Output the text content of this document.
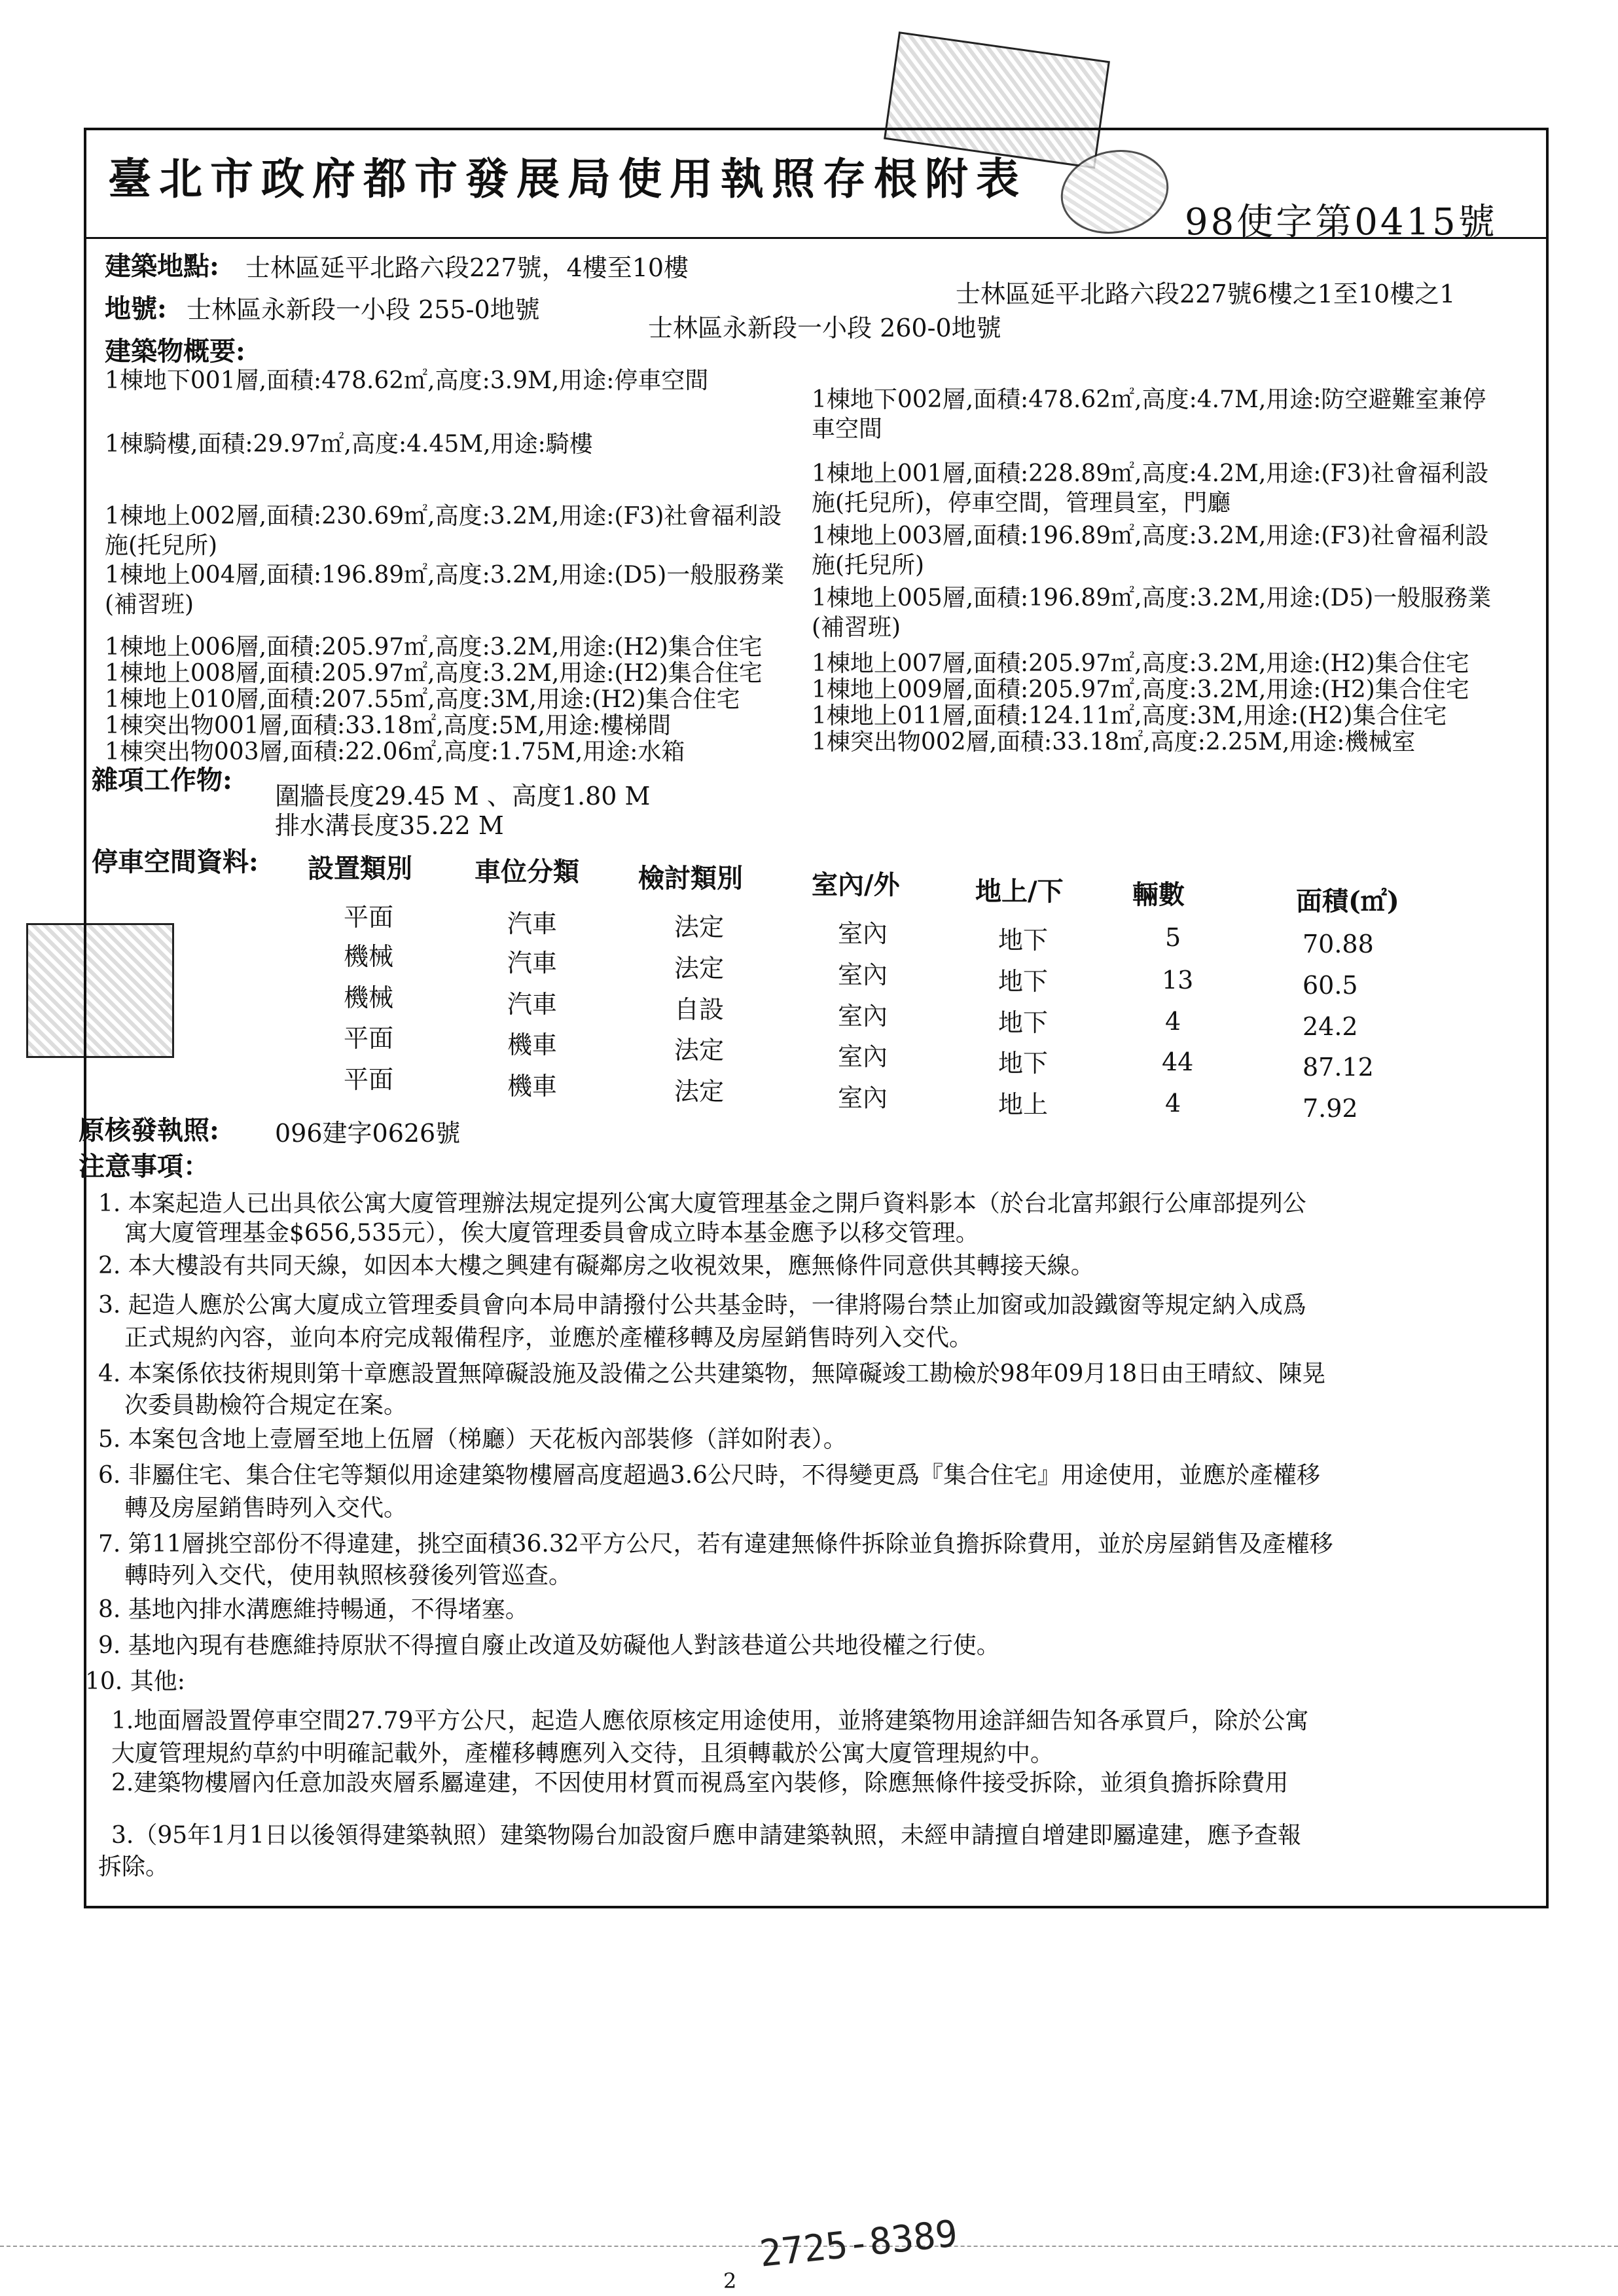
臺北市政府都市發展局使用執照存根附表
98使字第0415號
建築地點: 士林區延平北路六段227號，4樓至10樓
士林區延平北路六段227號6樓之1至10樓之1
地號: 士林區永新段一小段 255-0地號
士林區永新段一小段 260-0地號
建築物概要:
1棟地下001層,面積:478.62㎡,高度:3.9M,用途:停車空間
1棟騎樓,面積:29.97㎡,高度:4.45M,用途:騎樓
1棟地上002層,面積:230.69㎡,高度:3.2M,用途:(F3)社會福利設
施(托兒所)
1棟地上004層,面積:196.89㎡,高度:3.2M,用途:(D5)一般服務業
(補習班)
1棟地上006層,面積:205.97㎡,高度:3.2M,用途:(H2)集合住宅
1棟地上008層,面積:205.97㎡,高度:3.2M,用途:(H2)集合住宅
1棟地上010層,面積:207.55㎡,高度:3M,用途:(H2)集合住宅
1棟突出物001層,面積:33.18㎡,高度:5M,用途:樓梯間
1棟突出物003層,面積:22.06㎡,高度:1.75M,用途:水箱
1棟地下002層,面積:478.62㎡,高度:4.7M,用途:防空避難室兼停
車空間
1棟地上001層,面積:228.89㎡,高度:4.2M,用途:(F3)社會福利設
施(托兒所)，停車空間，管理員室，門廳
1棟地上003層,面積:196.89㎡,高度:3.2M,用途:(F3)社會福利設
施(托兒所)
1棟地上005層,面積:196.89㎡,高度:3.2M,用途:(D5)一般服務業
(補習班)
1棟地上007層,面積:205.97㎡,高度:3.2M,用途:(H2)集合住宅
1棟地上009層,面積:205.97㎡,高度:3.2M,用途:(H2)集合住宅
1棟地上011層,面積:124.11㎡,高度:3M,用途:(H2)集合住宅
1棟突出物002層,面積:33.18㎡,高度:2.25M,用途:機械室
雜項工作物:
圍牆長度29.45 M 、高度1.80 M
排水溝長度35.22 M
停車空間資料: 設置類別 車位分類 檢討類別	室內/外	地上/下	輛數	面積(㎡)
平面	汽車	法定	室內	地下	5	70.88
機械	汽車	法定	室內	地下	13	60.5
機械	汽車	自設	室內	地下	4	24.2
平面	機車	法定	室內	地下	44	87.12
平面	機車	法定	室內	地上	4	7.92
原核發執照: 096建字0626號
注意事項：
1. 本案起造人已出具依公寓大廈管理辦法規定提列公寓大廈管理基金之開戶資料影本（於台北富邦銀行公庫部提列公
寓大廈管理基金$656,535元），俟大廈管理委員會成立時本基金應予以移交管理。
2. 本大樓設有共同天線，如因本大樓之興建有礙鄰房之收視效果，應無條件同意供其轉接天線。
3. 起造人應於公寓大廈成立管理委員會向本局申請撥付公共基金時，一律將陽台禁止加窗或加設鐵窗等規定納入成爲
正式規約內容，並向本府完成報備程序，並應於產權移轉及房屋銷售時列入交代。
4. 本案係依技術規則第十章應設置無障礙設施及設備之公共建築物，無障礙竣工勘檢於98年09月18日由王晴紋、陳晃
次委員勘檢符合規定在案。
5. 本案包含地上壹層至地上伍層（梯廳）天花板內部裝修（詳如附表）。
6. 非屬住宅、集合住宅等類似用途建築物樓層高度超過3.6公尺時，不得變更爲『集合住宅』用途使用，並應於產權移
轉及房屋銷售時列入交代。
7. 第11層挑空部份不得違建，挑空面積36.32平方公尺，若有違建無條件拆除並負擔拆除費用，並於房屋銷售及產權移
轉時列入交代，使用執照核發後列管巡查。
8. 基地內排水溝應維持暢通，不得堵塞。
9. 基地內現有巷應維持原狀不得擅自廢止改道及妨礙他人對該巷道公共地役權之行使。
10. 其他:
1.地面層設置停車空間27.79平方公尺，起造人應依原核定用途使用，並將建築物用途詳細告知各承買戶，除於公寓
大廈管理規約草約中明確記載外，產權移轉應列入交待，且須轉載於公寓大廈管理規約中。
2.建築物樓層內任意加設夾層系屬違建，不因使用材質而視爲室內裝修，除應無條件接受拆除，並須負擔拆除費用
3.（95年1月1日以後領得建築執照）建築物陽台加設窗戶應申請建築執照，未經申請擅自增建即屬違建，應予查報
拆除。
2725-8389
2
